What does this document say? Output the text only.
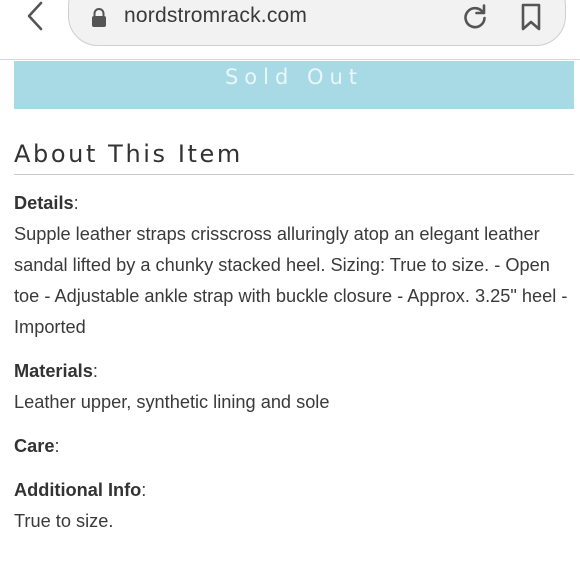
nordstromrack.com
Sold Out
About This Item
Details:

Supple leather straps crisscross alluringly atop an elegant leather sandal lifted by a chunky stacked heel. Sizing: True to size. - Open toe - Adjustable ankle strap with buckle closure - Approx. 3.25" heel - Imported

Materials:

Leather upper, synthetic lining and sole

Care:

Additional Info:

True to size.
